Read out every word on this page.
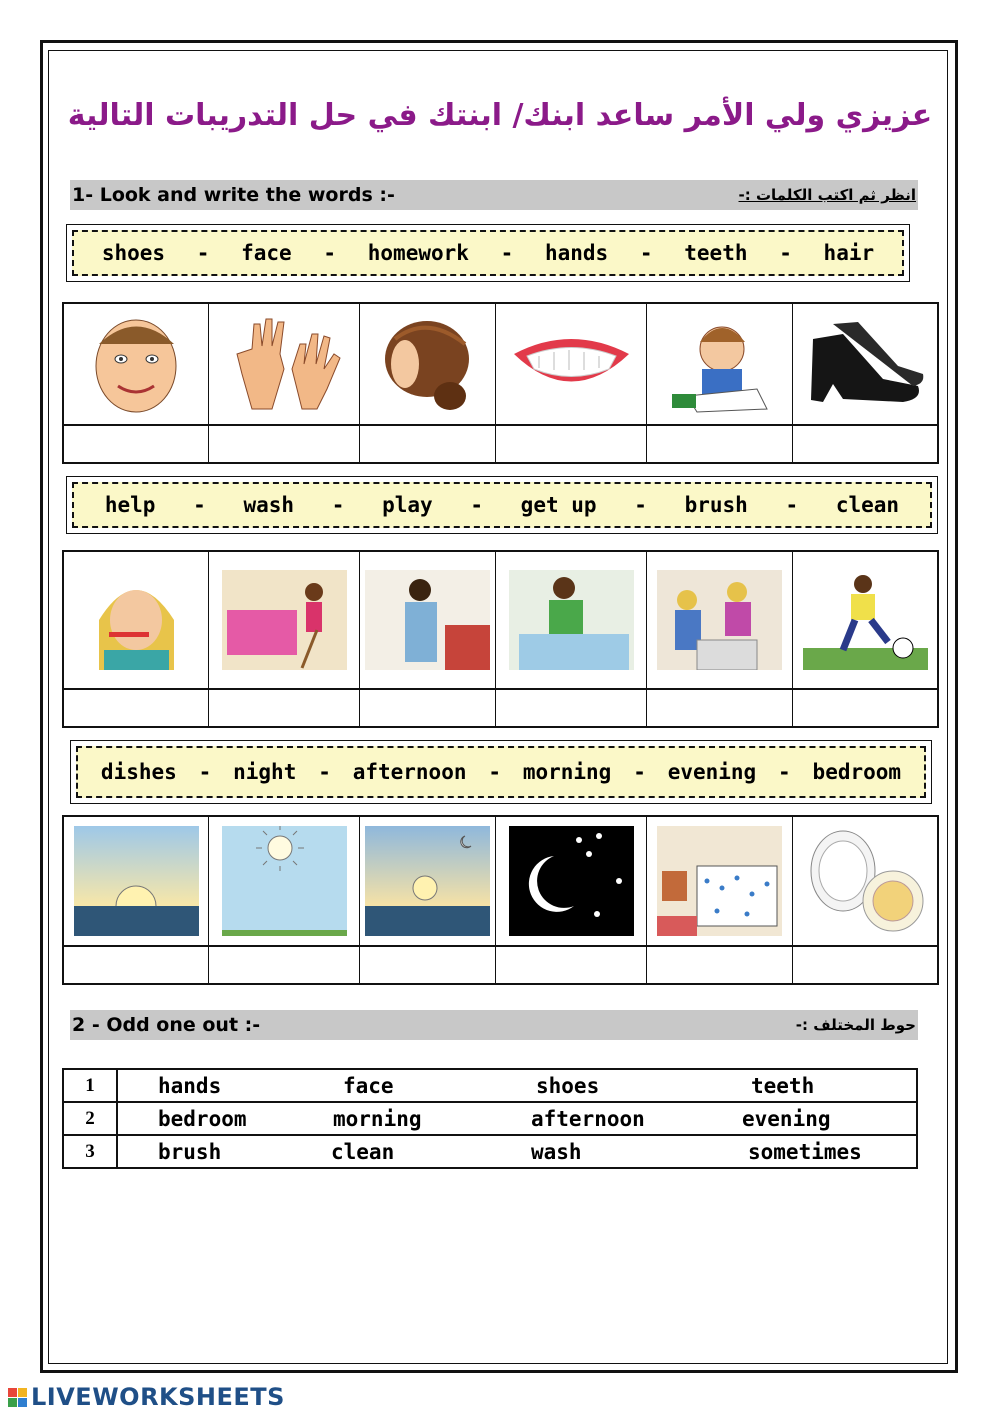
عزيزي ولي الأمر ساعد ابنك/ ابنتك في حل التدريبات التالية
1- Look and write the words :-	انظر ثم اكتب الكلمات :-
shoes - face - homework - hands - teeth - hair
help - wash - play - get up - brush - clean
dishes - night - afternoon - morning - evening - bedroom
2 - Odd one out :-	حوط المختلف :-
1	hands face shoes teeth

2	bedroom morning afternoon evening

3	brush clean wash sometimes
LIVEWORKSHEETS
